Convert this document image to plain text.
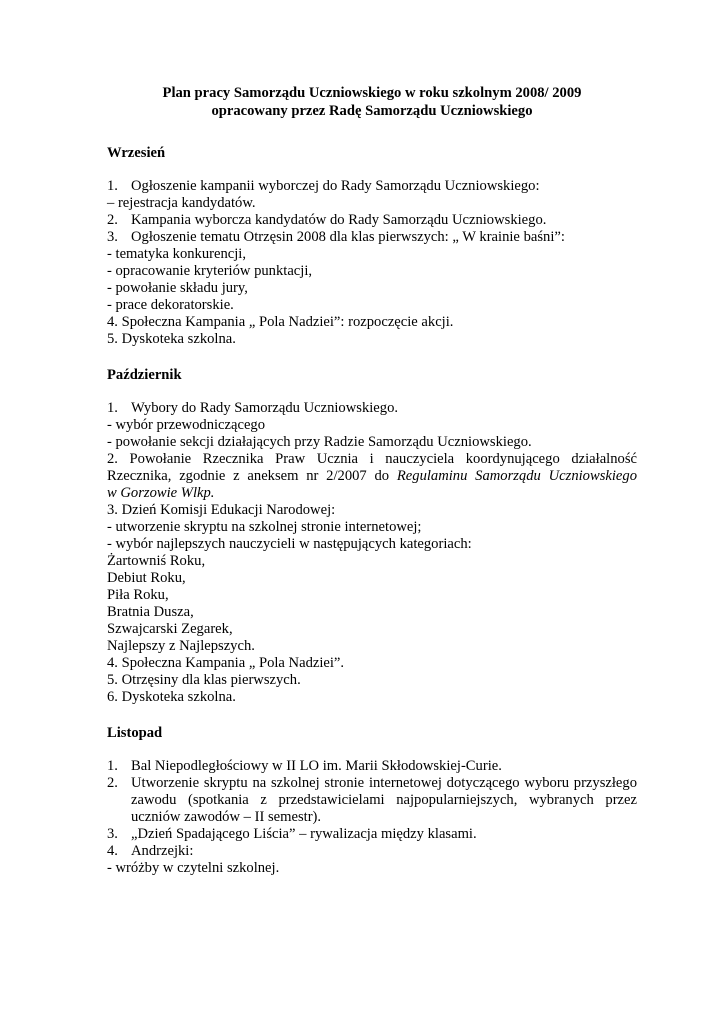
Plan pracy Samorządu Uczniowskiego w roku szkolnym 2008/ 2009

opracowany przez Radę Samorządu Uczniowskiego

Wrzesień

1. Ogłoszenie kampanii wyborczej do Rady Samorządu Uczniowskiego:

– rejestracja kandydatów.

2. Kampania wyborcza kandydatów do Rady Samorządu Uczniowskiego.
3. Ogłoszenie tematu Otrzęsin 2008 dla klas pierwszych: „ W krainie baśni”:

- tematyka konkurencji,

- opracowanie kryteriów punktacji,

- powołanie składu jury,

- prace dekoratorskie.

4. Społeczna Kampania „ Pola Nadziei”: rozpoczęcie akcji.

5. Dyskoteka szkolna.

Październik

1. Wybory do Rady Samorządu Uczniowskiego.

- wybór przewodniczącego

- powołanie sekcji działających przy Radzie Samorządu Uczniowskiego.

2. Powołanie Rzecznika Praw Ucznia i nauczyciela koordynującego działalność

Rzecznika, zgodnie z aneksem nr 2/2007 do Regulaminu Samorządu Uczniowskiego

w Gorzowie Wlkp.

3. Dzień Komisji Edukacji Narodowej:

- utworzenie skryptu na szkolnej stronie internetowej;

- wybór najlepszych nauczycieli w następujących kategoriach:

Żartowniś Roku,

Debiut Roku,

Piła Roku,

Bratnia Dusza,

Szwajcarski Zegarek,

Najlepszy z Najlepszych.

4. Społeczna Kampania „ Pola Nadziei”.

5. Otrzęsiny dla klas pierwszych.

6. Dyskoteka szkolna.

Listopad

1. Bal Niepodległościowy w II LO im. Marii Skłodowskiej-Curie.
2. Utworzenie skryptu na szkolnej stronie internetowej dotyczącego wyboru przyszłego
zawodu (spotkania z przedstawicielami najpopularniejszych, wybranych przez
uczniów zawodów – II semestr).
3. „Dzień Spadającego Liścia” – rywalizacja między klasami.
4. Andrzejki:

- wróżby w czytelni szkolnej.
